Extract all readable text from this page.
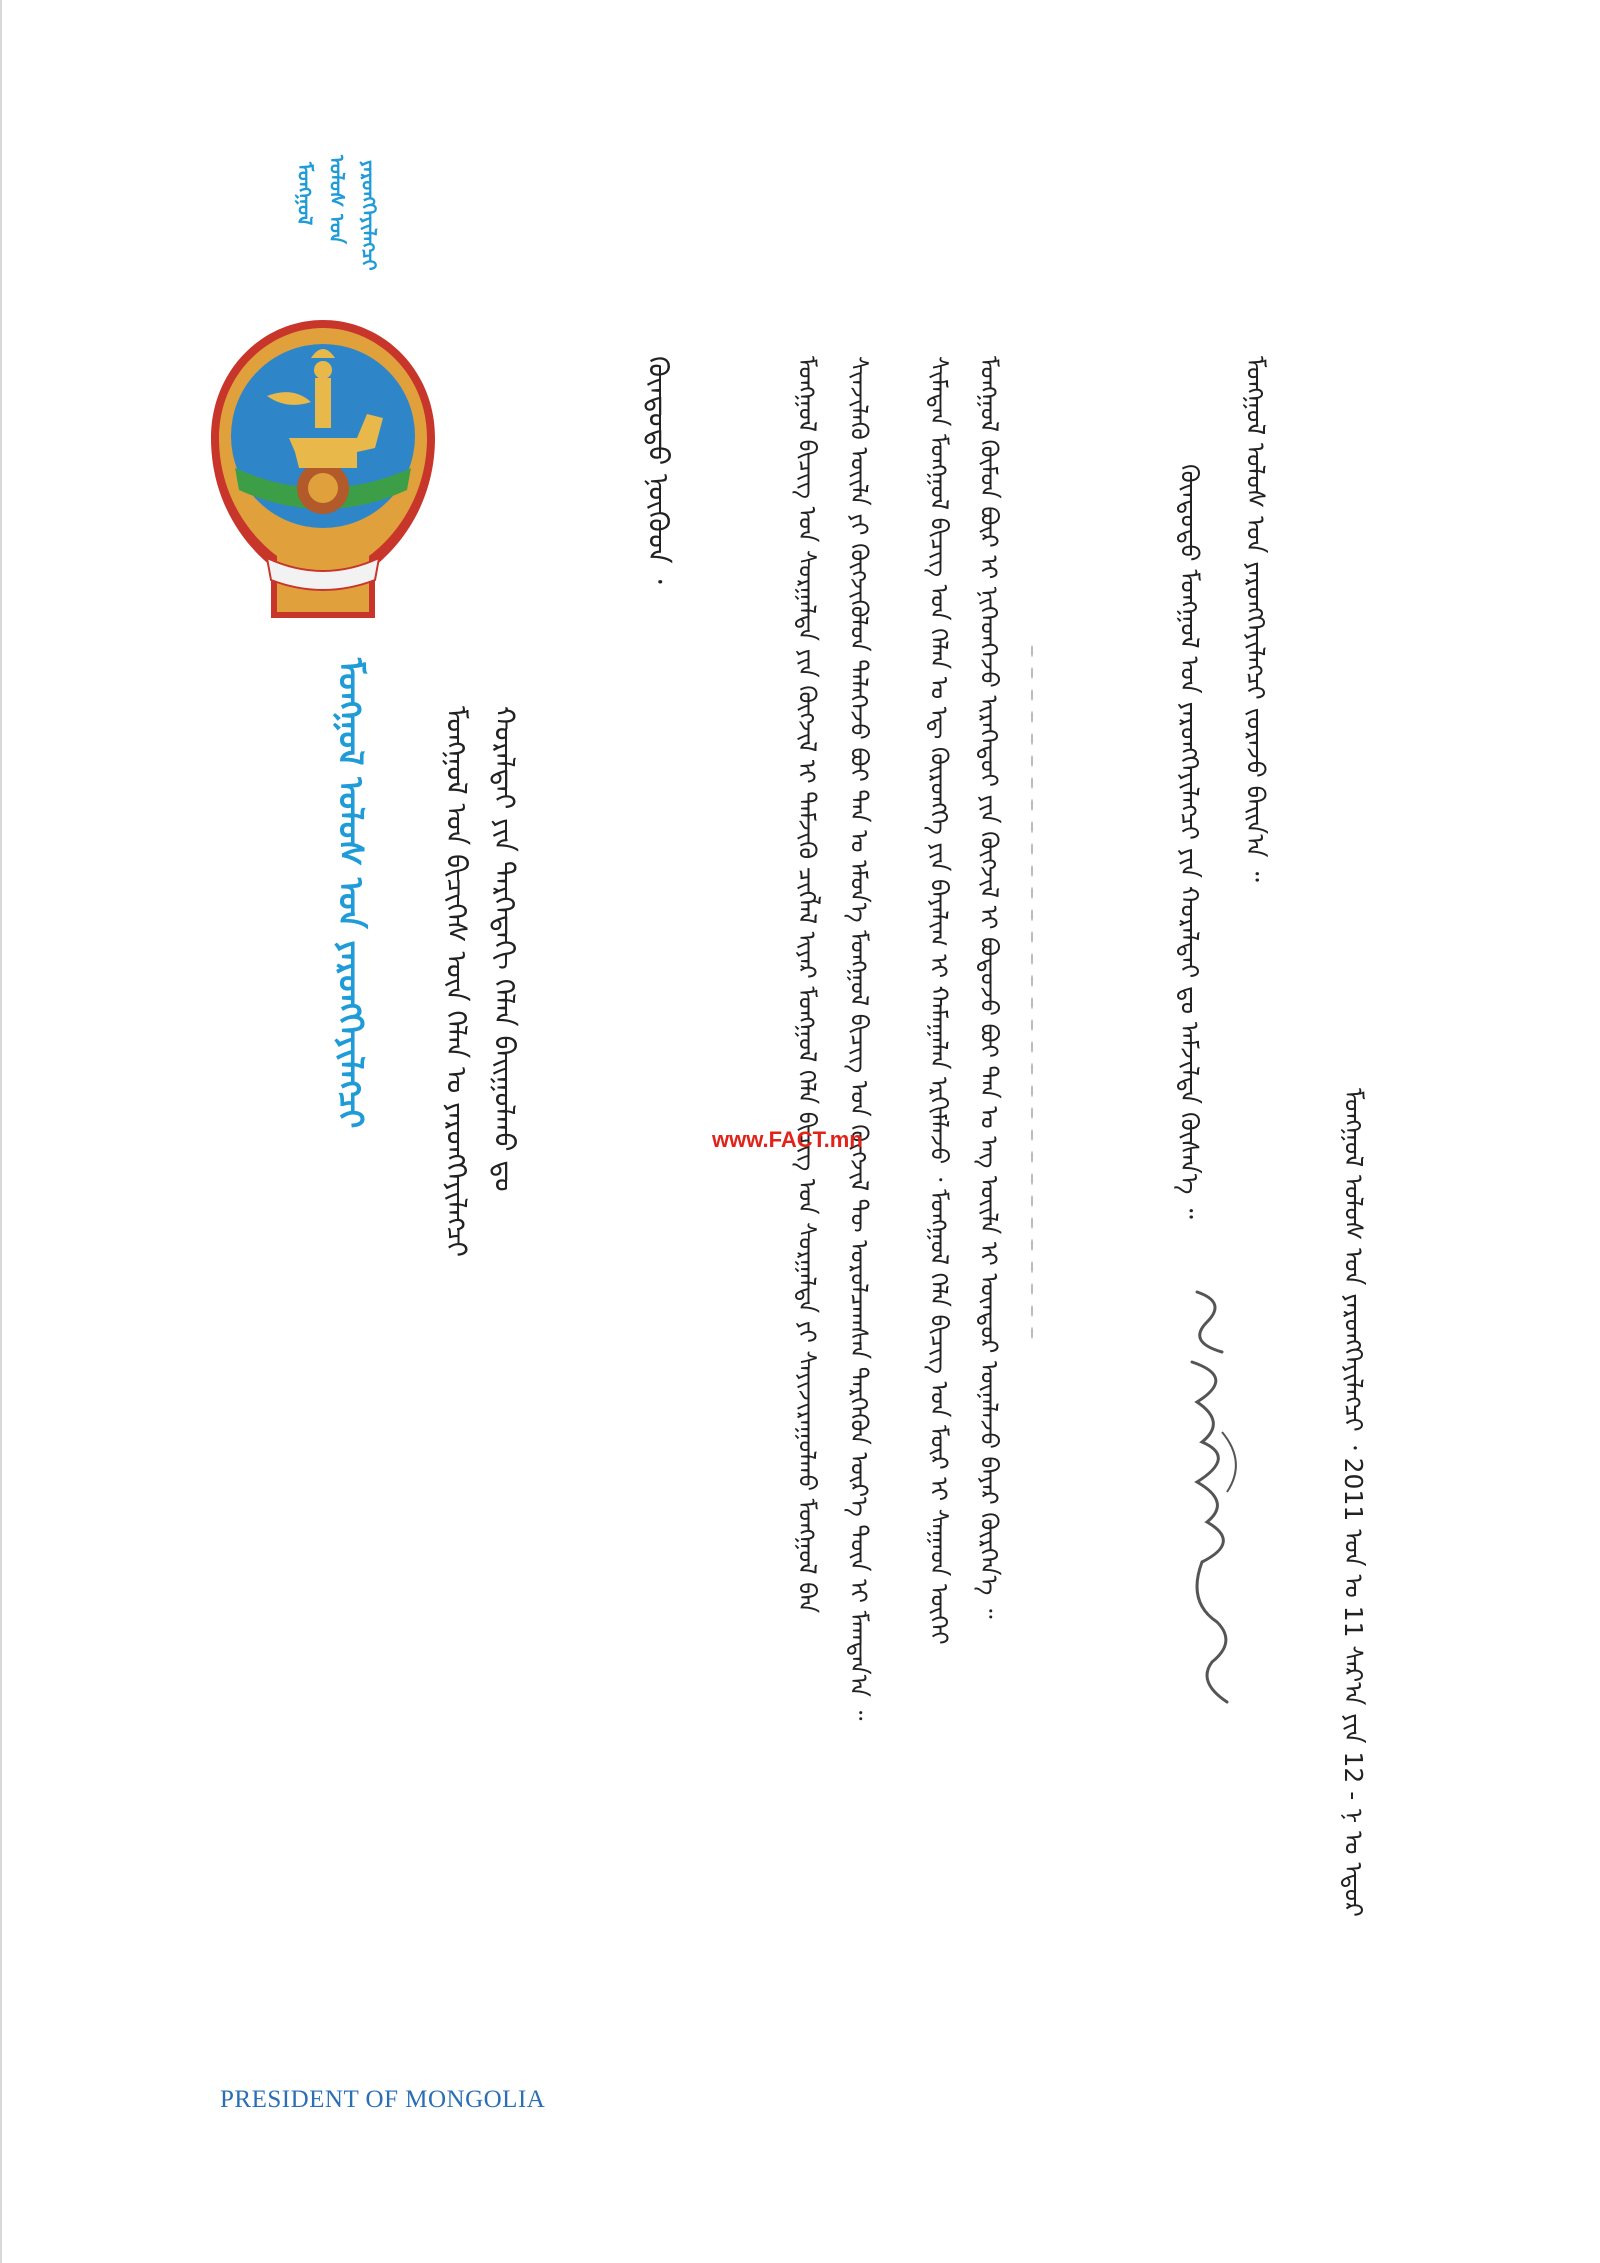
ᠮᠣᠩᠭᠣᠯ ᠤᠯᠤᠰ ᠤᠨ ᠶᠡᠷᠦᠩᠬᠡᠶᠢᠯᠡᠭᠴᠢ
ᠮᠣᠩᠭᠣᠯ ᠤᠯᠤᠰ ᠤᠨ ᠶᠡᠷᠦᠩᠬᠡᠶᠢᠯᠡᠭᠴᠢ	ᠮᠣᠩᠭᠣᠯ ᠤᠨ ᠪᠢᠴᠢᠭᠡᠰ ᠦᠨ ᠬᠡᠯᠡᠨ ᠤ ᠶᠡᠷᠦᠩᠬᠡᠶᠢᠯᠡᠭᠴᠢ ᠬᠤᠷᠠᠯᠳᠠᠢ ᠶᠢᠨ ᠳᠡᠷᠭᠡᠳᠡᠬᠢ ᠬᠡᠯᠡᠨ ᠪᠠᠢᠭᠤᠯᠬᠤ ᠳᠤ
ᠬᠦᠨᠳᠦᠲᠦ ᠨᠥᠬᠥᠳ ᠂	ᠮᠣᠩᠭᠣᠯ ᠪᠢᠴᠢᠭ ᠤᠨ ᠰᠤᠷᠭᠠᠯᠲᠠ ᠶᠢᠨ ᠬᠥᠭᠵᠢᠯ ᠢ ᠳᠡᠮᠵᠢᠬᠦ ᠴᠢᠭᠯᠡᠯ ᠢᠶᠡᠷ ᠮᠣᠩᠭᠣᠯ ᠬᠡᠯᠡ ᠪᠢᠴᠢᠭ ᠤᠨ ᠰᠤᠷᠭᠠᠯᠲᠠ ᠶᠢ ᠰᠠᠶᠢᠵᠢᠷᠠᠭᠤᠯᠬᠤ ᠮᠣᠩᠭᠣᠯ ᠪᠠᠨ ᠰᠢᠨᠵᠢᠯᠡᠬᠦ ᠦᠢᠯᠡ ᠶᠢ ᠬᠥᠭᠵᠢᠭᠦᠯᠦᠨ ᠲᠡᠯᠡᠭᠡᠵᠦ ᠪᠤᠢ ᠲᠠᠨ ᠤ ᠡᠮᠦᠨ᠎ᠡ ᠮᠣᠩᠭᠣᠯ ᠪᠢᠴᠢᠭ ᠤᠨ ᠬᠥᠭᠵᠢᠯ ᠲᠦ ᠣᠷᠣᠯᠴᠠᠭᠰᠠᠨ ᠲᠡᠷᠭᠡᠭᠦᠨ ᠦᠷ᠎ᠡ ᠳᠦᠨ ᠢ ᠮᠠᠭᠲᠠᠨ᠎ᠠ ᠃ ᠰᠢᠮᠡᠳᠡᠨ ᠮᠣᠩᠭᠣᠯ ᠪᠢᠴᠢᠭ ᠤᠨ ᠬᠡᠯᠡᠨ ᠤ ᠡᠳ᠋ ᠬᠥᠷᠥᠩᠭᠡ ᠶᠢᠨ ᠪᠠᠶᠠᠯᠢᠭ ᠢ ᠬᠠᠮᠠᠭᠠᠯᠠᠨ ᠡᠷᠬᠢᠮᠯᠡᠵᠦ ᠂ ᠮᠣᠩᠭᠣᠯ ᠬᠡᠯᠡ ᠪᠢᠴᠢᠭ ᠤᠨ ᠮᠥᠷ ᠢ ᠰᠠᠭᠠᠳ ᠦᠭᠡᠢ ᠮᠣᠩᠭᠣᠯ ᠬᠦᠮᠦᠨ ᠪᠦᠷ ᠢ ᠨᠢᠭᠡᠳᠭᠡᠵᠦ ᠢᠷᠡᠭᠡᠳᠦᠢ ᠶᠢᠨ ᠬᠥᠭᠵᠢᠯ ᠢ ᠪᠣᠳᠣᠵᠤ ᠪᠤᠢ ᠲᠠᠨ ᠤ ᠡᠩ ᠦᠢᠯᠡ ᠢ ᠦᠨᠳᠦᠷ ᠦᠨᠡᠯᠡᠵᠦ ᠪᠠᠶᠠᠷ ᠬᠦᠷᠭᠡᠨ᠎ᠡ ᠃	ᠬᠦᠨᠳᠦᠲᠦ ᠮᠣᠩᠭᠣᠯ ᠤᠨ ᠶᠡᠷᠦᠩᠬᠡᠶᠢᠯᠡᠭᠴᠢ ᠶᠢᠨ ᠬᠤᠷᠠᠯᠳᠠᠢ ᠳᠤ ᠠᠮᠵᠢᠯᠲᠠ ᠬᠦᠰᠡᠨ᠎ᠡ ᠃ ᠮᠣᠩᠭᠣᠯ ᠤᠯᠤᠰ ᠤᠨ ᠶᠡᠷᠦᠩᠬᠡᠶᠢᠯᠡᠭᠴᠢ ᠵᠤᠷᠠᠵᠤ ᠪᠠᠢᠨ᠎ᠠ ᠃
ᠮᠣᠩᠭᠣᠯ ᠤᠯᠤᠰ ᠤᠨ ᠶᠡᠷᠦᠩᠬᠡᠶᠢᠯᠡᠭᠴᠢ ᠂ 2011 ᠣᠨ ᠤ 11 ᠰᠠᠷ᠎ᠠ ᠶᠢᠨ 12 - ᠨ ᠤ ᠡᠳᠦᠷ
www.FACT.mn
PRESIDENT OF MONGOLIA
